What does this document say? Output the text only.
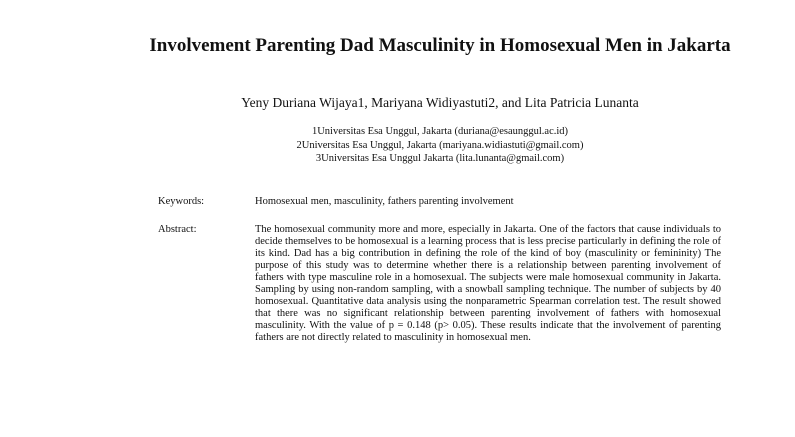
Involvement Parenting Dad Masculinity in Homosexual Men in Jakarta

Yeny Duriana Wijaya1, Mariyana Widiyastuti2, and Lita Patricia Lunanta

1Universitas Esa Unggul, Jakarta (duriana@esaunggul.ac.id)
2Universitas Esa Unggul, Jakarta (mariyana.widiastuti@gmail.com)
3Universitas Esa Unggul Jakarta (lita.lunanta@gmail.com)

Keywords:	Homosexual men, masculinity, fathers parenting involvement

Abstract:	The homosexual community more and more, especially in Jakarta. One of the factors that cause individuals to decide themselves to be homosexual is a learning process that is less precise particularly in defining the role of its kind. Dad has a big contribution in defining the role of the kind of boy (masculinity or femininity) The purpose of this study was to determine whether there is a relationship between parenting involvement of fathers with type masculine role in a homosexual. The subjects were male homosexual community in Jakarta. Sampling by using non-random sampling, with a snowball sampling technique. The number of subjects by 40 homosexual. Quantitative data analysis using the nonparametric Spearman correlation test. The result showed that there was no significant relationship between parenting involvement of fathers with homosexual masculinity. With the value of p = 0.148 (p> 0.05). These results indicate that the involvement of parenting fathers are not directly related to masculinity in homosexual men.
